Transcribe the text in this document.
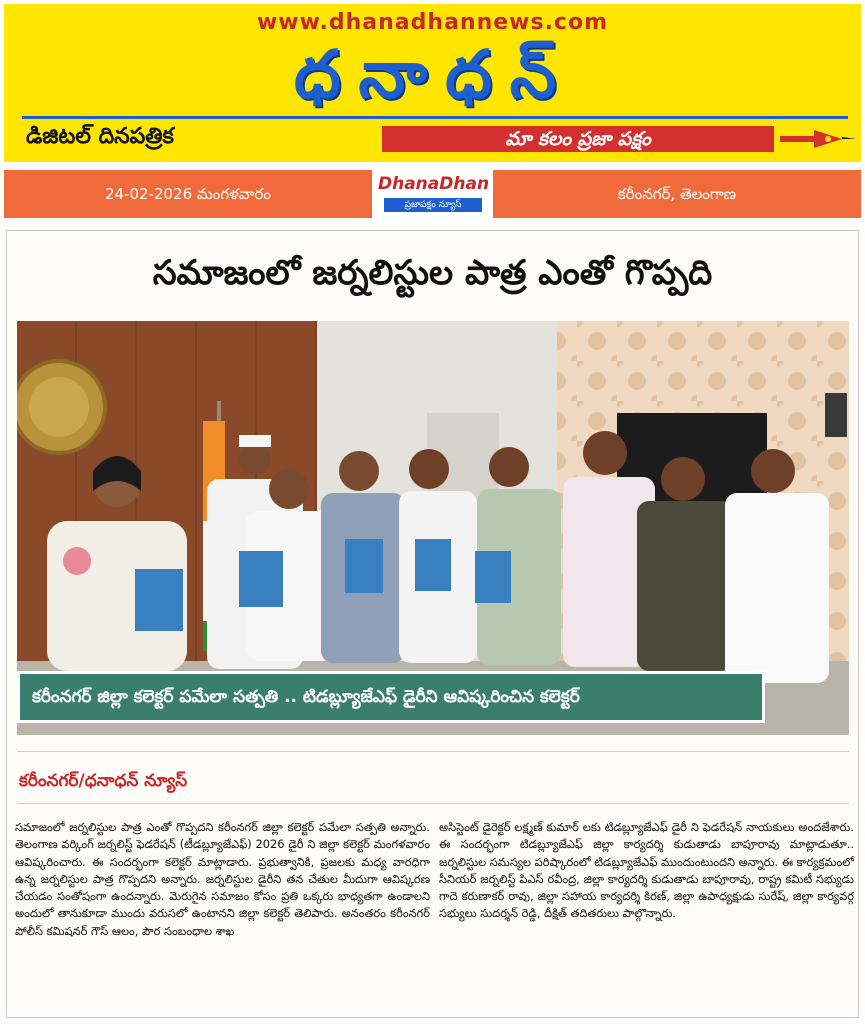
www.dhanadhannews.com
ధనాధన్
డిజిటల్ దినపత్రిక	మా కలం ప్రజా పక్షం
24-02-2026 మంగళవారం	DhanaDhan
ప్రజాపక్షం న్యూస్
కరీంనగర్, తెలంగాణ
సమాజంలో జర్నలిస్టుల పాత్ర ఎంతో గొప్పది
కరీంనగర్ జిల్లా కలెక్టర్ పమేలా సత్పతి .. టిడబ్ల్యూజేఎఫ్ డైరీని ఆవిష్కరించిన కలెక్టర్
కరీంనగర్/ధనాధన్ న్యూస్

సమాజంలో జర్నలిస్టుల పాత్ర ఎంతో గొప్పదని కరీంనగర్ జిల్లా కలెక్టర్ పమేలా సత్పతి అన్నారు. తెలంగాణ వర్కింగ్ జర్నలిస్ట్ ఫెడరేషన్ (టీడబ్ల్యూజేఎఫ్) 2026 డైరీ ని జిల్లా కలెక్టర్ మంగళవారం ఆవిష్కరించారు. ఈ సందర్భంగా కలెక్టర్ మాట్లాడారు. ప్రభుత్వానికి, ప్రజలకు మధ్య వారధిగా ఉన్న జర్నలిస్టుల పాత్ర గొప్పదని అన్నారు. జర్నలిస్టుల డైరీని తన చేతుల మీదుగా ఆవిష్కరణ చేయడం సంతోషంగా ఉందన్నారు. మెరుగైన సమాజం కోసం ప్రతి ఒక్కరు భాధ్యతగా ఉండాలని అందులో తానుకూడా ముందు వరుసలో ఉంటానని జిల్లా కలెక్టర్ తెలిపారు. అనంతరం కరీంనగర్ పోలీస్ కమిషనర్ గౌస్ ఆలం, పౌర సంబంధాల శాఖ

అసిస్టెంట్ డైరెక్టర్ లక్ష్మణ్ కుమార్ లకు టిడబ్ల్యూజేఎఫ్ డైరీ ని ఫెడరేషన్ నాయకులు అందజేశారు. ఈ సందర్భంగా టిడబ్ల్యూజేఎఫ్ జిల్లా కార్యదర్శి కుడుతాడు బాపూరావు మాట్లాడుతూ.. జర్నలిస్టుల సమస్యల పరిష్కారంలో టిడబ్ల్యూజేఎఫ్ ముందుంటుందని అన్నారు. ఈ కార్యక్రమంలో సీనియర్ జర్నలిస్ట్ పిఎస్ రవీంద్ర, జిల్లా కార్యదర్శి కుడుతాడు బాపూరావు, రాష్ట్ర కమిటీ సభ్యుడు గాదె కరుణాకర్ రావు, జిల్లా సహాయ కార్యదర్శి కిరణ్, జిల్లా ఉపాధ్యక్షుడు సురేష్, జిల్లా కార్యవర్గ సభ్యులు సుదర్శన్ రెడ్డి, దీక్షిత్ తదితరులు పాల్గొన్నారు.
